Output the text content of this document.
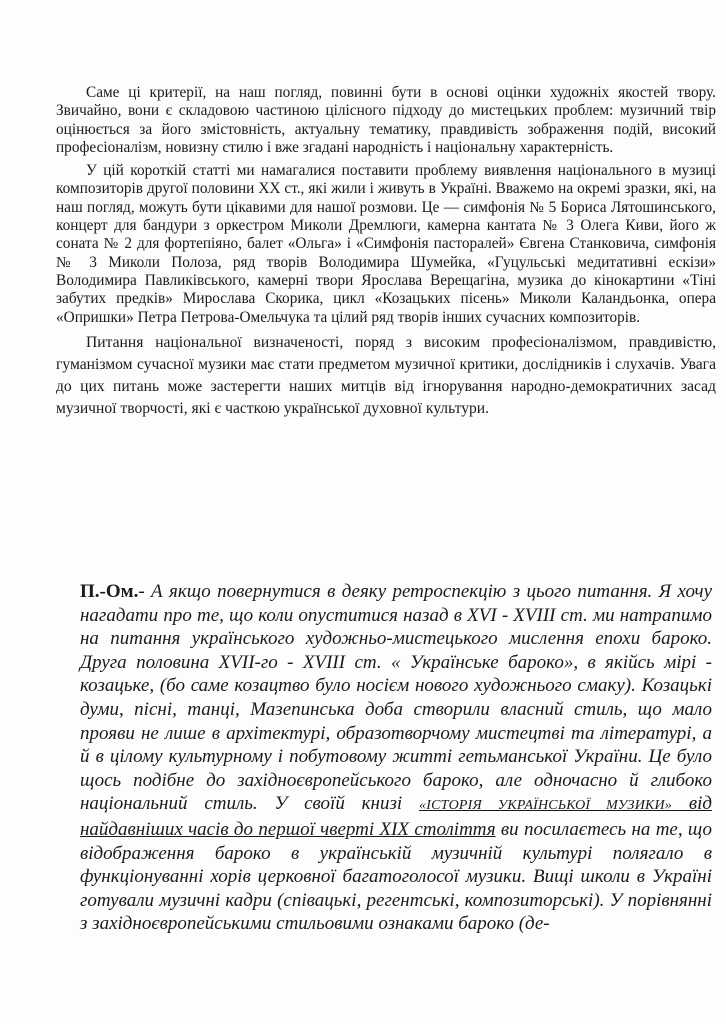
Саме ці критерії, на наш погляд, повинні бути в основі оцінки художніх якостей твору. Звичайно, вони є складовою частиною цілісного підходу до мистецьких проблем: музичний твір оцінюється за його змістовність, актуальну тематику, правдивість зображення подій, високий професіоналізм, новизну стилю і вже згадані народність і національну характерність.

У цій короткій статті ми намагалися поставити проблему виявлення національного в музиці композиторів другої половини XX ст., які жили і живуть в Україні. Вважемо на окремі зразки, які, на наш погляд, можуть бути цікавими для нашої розмови. Це — симфонія № 5 Бориса Лятошинського, концерт для бандури з оркестром Миколи Дремлюги, камерна кантата № 3 Олега Киви, його ж соната № 2 для фортепіяно, балет «Ольга» і «Симфонія пасторалей» Євгена Станковича, симфонія № 3 Миколи Полоза, ряд творів Володимира Шумейка, «Гуцульські медитативні ескізи» Володимира Павликівського, камерні твори Ярослава Верещагіна, музика до кінокартини «Тіні забутих предків» Мирослава Скорика, цикл «Козацьких пісень» Миколи Каландьонка, опера «Опришки» Петра Петрова-Омельчука та цілий ряд творів інших сучасних композиторів.

Питання національної визначеності, поряд з високим професіоналізмом, правдивістю, гуманізмом сучасної музики має стати предметом музичної критики, дослідників і слухачів. Увага до цих питань може застерегти наших митців від ігнорування народно-демократичних засад музичної творчості, які є часткою української духовної культури.

П.-Ом.- А якщо повернутися в деяку ретроспекцію з цього питання. Я хочу нагадати про те, що коли опуститися назад в XVI - XVIII ст. ми натрапимо на питання українського художньо-мистецького мислення епохи бароко. Друга половина XVII-го - XVIII ст. « Українське бароко», в якійсь мірі - козацьке, (бо саме козацтво було носієм нового художнього смаку). Козацькі думи, пісні, танці, Мазепинська доба створили власний стиль, що мало прояви не лише в архітектурі, образотворчому мистецтві та літературі, а й в цілому культурному і побутовому житті гетьманської України. Це було щось подібне до західноєвропейського бароко, але одночасно й глибоко національний стиль. У своїй книзі «ІСТОРІЯ УКРАЇНСЬКОЇ МУЗИКИ» від найдавніших часів до першої чверті XIX століття ви посилаєтесь на те, що відображення бароко в українській музичній культурі полягало в функціонуванні хорів церковної багатоголосої музики. Вищі школи в Україні готували музичні кадри (співацькі, регентські, композиторські). У порівнянні з західноєвропейськими стильовими ознаками бароко (де-
